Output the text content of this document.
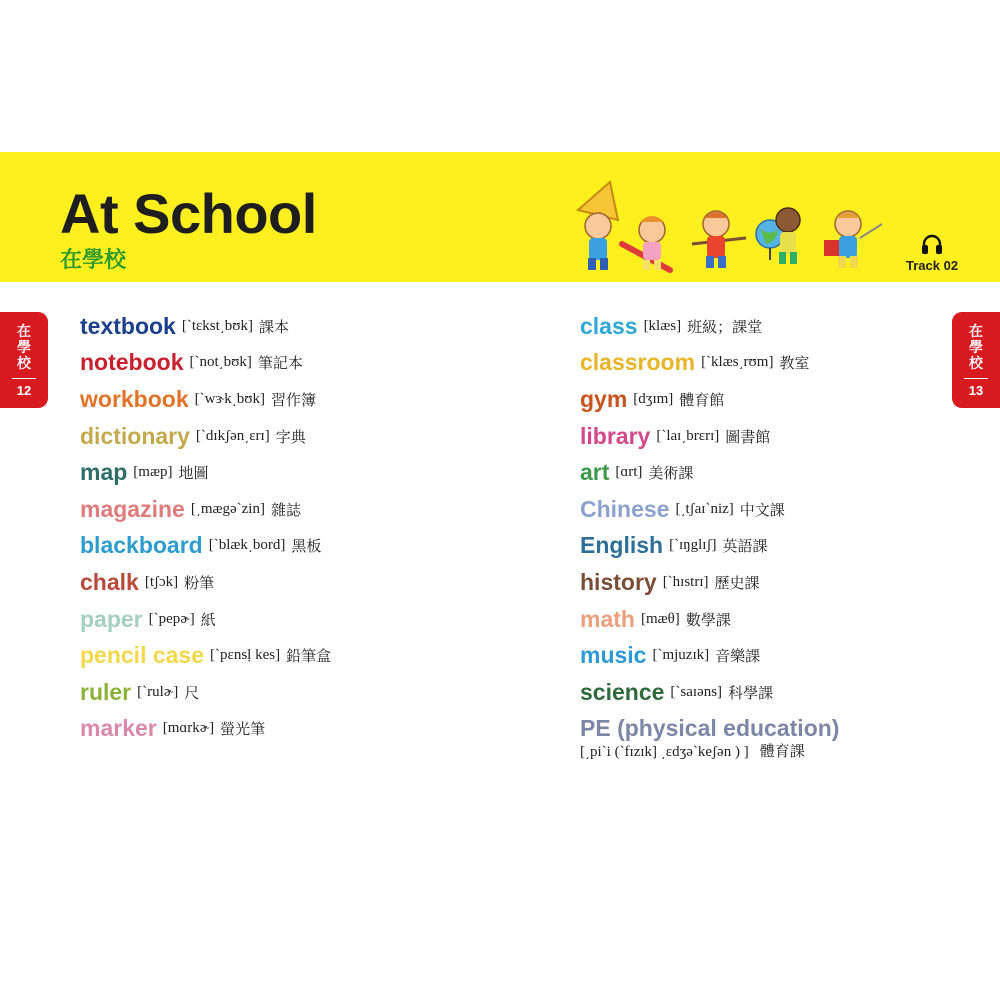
At School
在學校	Track 02
在學校
12
在學校
13
textbook [`tɛkst͵bʊk] 課本
notebook [`not͵bʊk] 筆記本
workbook [`wɝk͵bʊk] 習作簿
dictionary [`dɪkʃən͵ɛrɪ] 字典
map [mæp] 地圖
magazine [͵mægə`zin] 雜誌
blackboard [`blæk͵bord] 黑板
chalk [tʃɔk] 粉筆
paper [`pepɚ] 紙
pencil case [`pɛnsḷ kes] 鉛筆盒
ruler [`rulɚ] 尺
marker [mɑrkɚ] 螢光筆
class [klæs] 班級；課堂
classroom [`klæs͵rʊm] 教室
gym [dʒɪm] 體育館
library [`laɪ͵brɛrɪ] 圖書館
art [ɑrt] 美術課
Chinese [͵tʃaɪ`niz] 中文課
English [`ɪŋglɪʃ] 英語課
history [`hɪstrɪ] 歷史課
math [mæθ] 數學課
music [`mjuzɪk] 音樂課
science [`saɪəns] 科學課
PE (physical education)
[͵pi`i (`fɪzɪk] ͵ɛdʒə`keʃən ) ] 體育課
